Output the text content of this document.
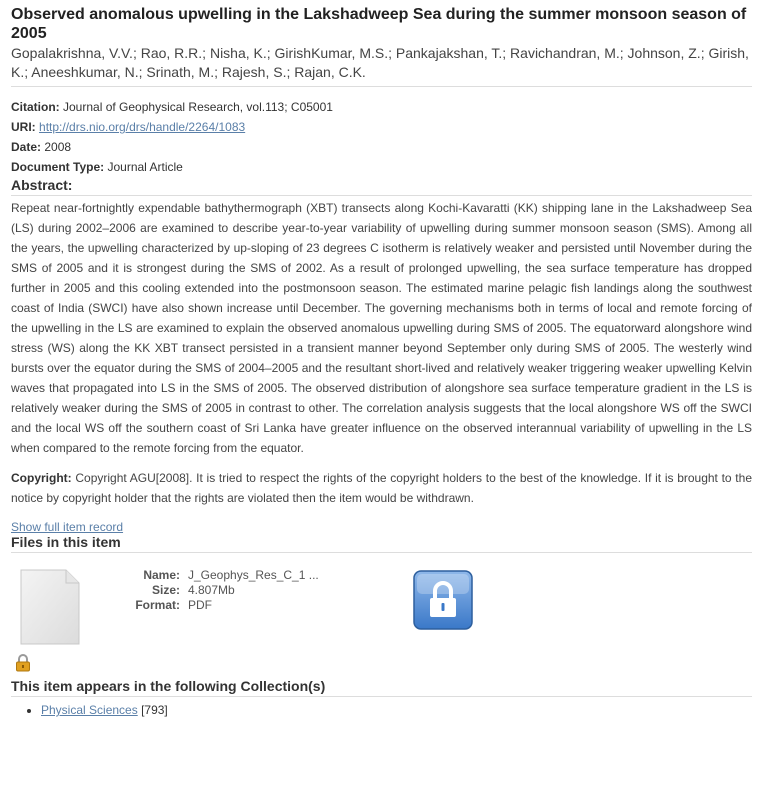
Observed anomalous upwelling in the Lakshadweep Sea during the summer monsoon season of 2005
Gopalakrishna, V.V.; Rao, R.R.; Nisha, K.; GirishKumar, M.S.; Pankajakshan, T.; Ravichandran, M.; Johnson, Z.; Girish, K.; Aneeshkumar, N.; Srinath, M.; Rajesh, S.; Rajan, C.K.
Citation: Journal of Geophysical Research, vol.113; C05001
URI: http://drs.nio.org/drs/handle/2264/1083
Date: 2008
Document Type: Journal Article
Abstract:
Repeat near-fortnightly expendable bathythermograph (XBT) transects along Kochi-Kavaratti (KK) shipping lane in the Lakshadweep Sea (LS) during 2002–2006 are examined to describe year-to-year variability of upwelling during summer monsoon season (SMS). Among all the years, the upwelling characterized by up-sloping of 23 degrees C isotherm is relatively weaker and persisted until November during the SMS of 2005 and it is strongest during the SMS of 2002. As a result of prolonged upwelling, the sea surface temperature has dropped further in 2005 and this cooling extended into the postmonsoon season. The estimated marine pelagic fish landings along the southwest coast of India (SWCI) have also shown increase until December. The governing mechanisms both in terms of local and remote forcing of the upwelling in the LS are examined to explain the observed anomalous upwelling during SMS of 2005. The equatorward alongshore wind stress (WS) along the KK XBT transect persisted in a transient manner beyond September only during SMS of 2005. The westerly wind bursts over the equator during the SMS of 2004–2005 and the resultant short-lived and relatively weaker triggering weaker upwelling Kelvin waves that propagated into LS in the SMS of 2005. The observed distribution of alongshore sea surface temperature gradient in the LS is relatively weaker during the SMS of 2005 in contrast to other. The correlation analysis suggests that the local alongshore WS off the SWCI and the local WS off the southern coast of Sri Lanka have greater influence on the observed interannual variability of upwelling in the LS when compared to the remote forcing from the equator.
Copyright: Copyright AGU[2008]. It is tried to respect the rights of the copyright holders to the best of the knowledge. If it is brought to the notice by copyright holder that the rights are violated then the item would be withdrawn.
Show full item record
Files in this item
Name: J_Geophys_Res_C_1 ...
Size: 4.807Mb
Format: PDF
This item appears in the following Collection(s)
• Physical Sciences [793]
